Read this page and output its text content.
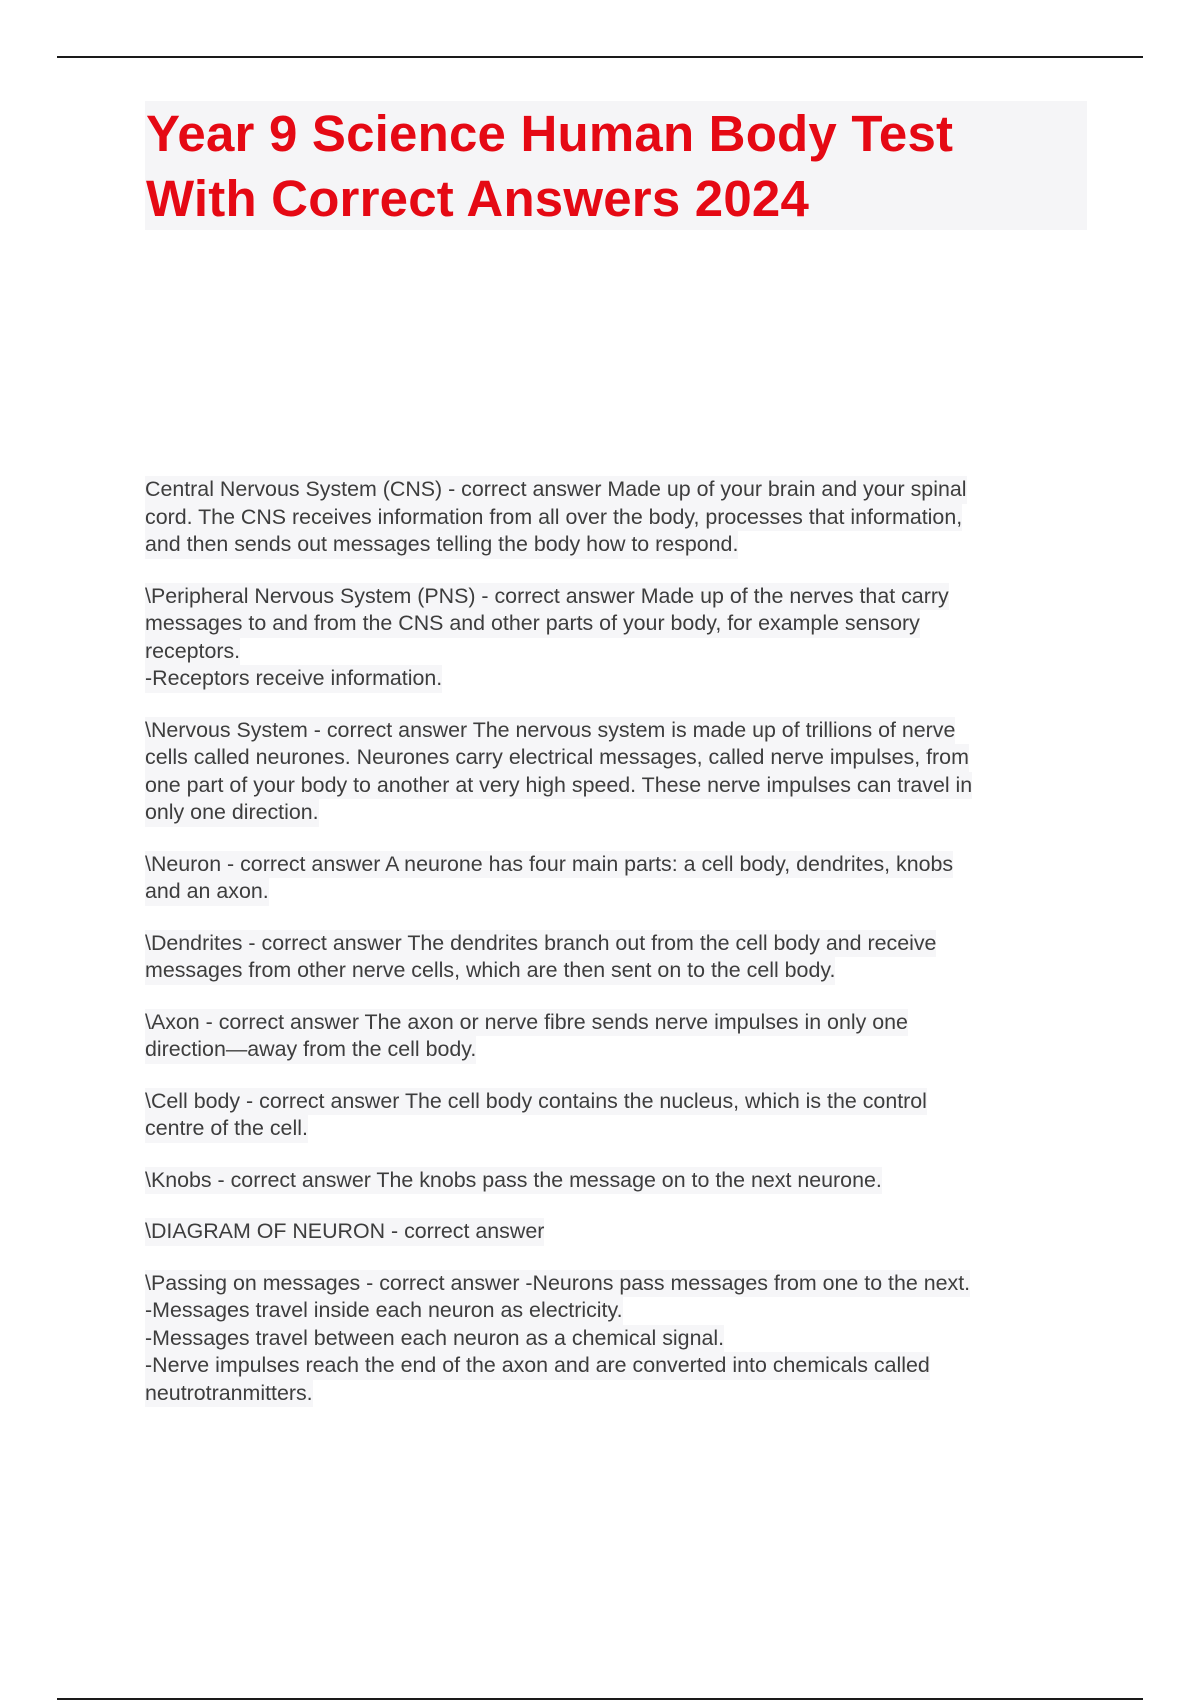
Year 9 Science Human Body Test
With Correct Answers 2024
Central Nervous System (CNS) - correct answer Made up of your brain and your spinal
cord. The CNS receives information from all over the body, processes that information,
and then sends out messages telling the body how to respond.
\Peripheral Nervous System (PNS) - correct answer Made up of the nerves that carry
messages to and from the CNS and other parts of your body, for example sensory
receptors.
-Receptors receive information.
\Nervous System - correct answer The nervous system is made up of trillions of nerve
cells called neurones. Neurones carry electrical messages, called nerve impulses, from
one part of your body to another at very high speed. These nerve impulses can travel in
only one direction.
\Neuron - correct answer A neurone has four main parts: a cell body, dendrites, knobs
and an axon.
\Dendrites - correct answer The dendrites branch out from the cell body and receive
messages from other nerve cells, which are then sent on to the cell body.
\Axon - correct answer The axon or nerve fibre sends nerve impulses in only one
direction—away from the cell body.
\Cell body - correct answer The cell body contains the nucleus, which is the control
centre of the cell.
\Knobs - correct answer The knobs pass the message on to the next neurone.
\DIAGRAM OF NEURON - correct answer
\Passing on messages - correct answer -Neurons pass messages from one to the next.
-Messages travel inside each neuron as electricity.
-Messages travel between each neuron as a chemical signal.
-Nerve impulses reach the end of the axon and are converted into chemicals called
neutrotranmitters.
